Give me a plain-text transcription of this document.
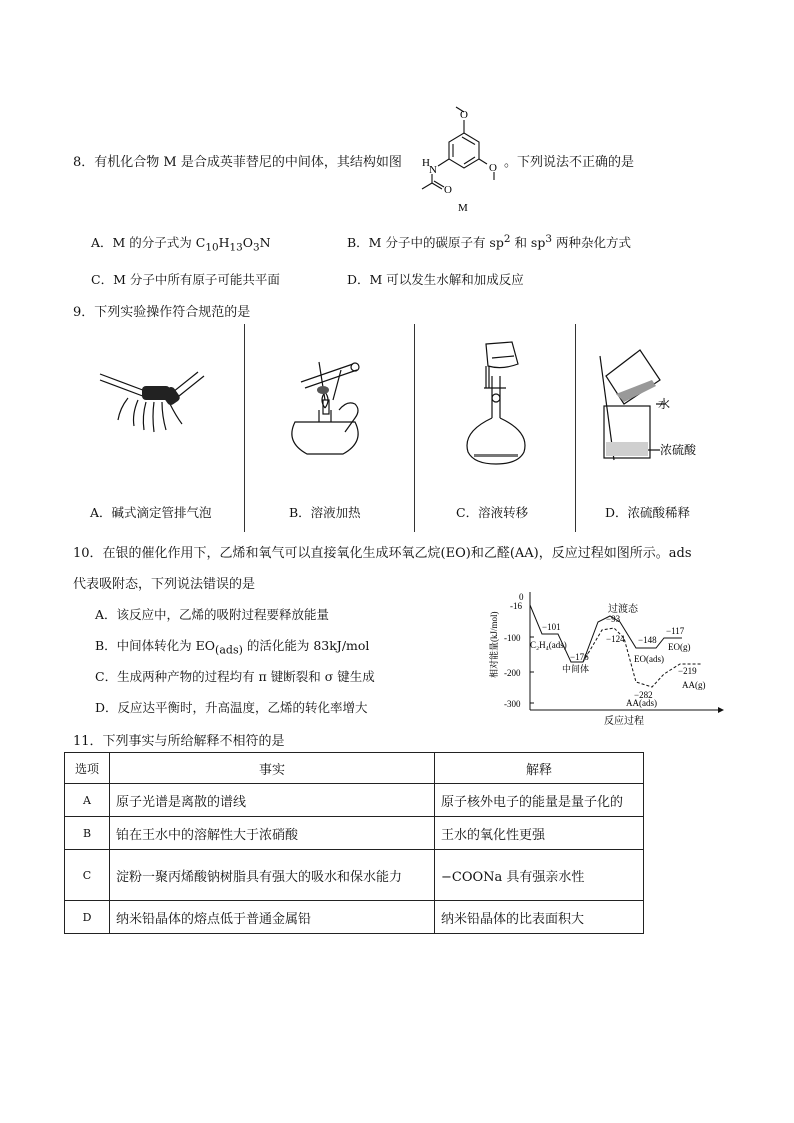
8．有机化合物 M 是合成英菲替尼的中间体，其结构如图
O
H
N	O
O
M
。下列说法不正确的是
A．M 的分子式为 $C_{10}H_{13}O_3N$	B．M 分子中的碳原子有 $sp^2$ 和 $sp^3$ 两种杂化方式
C．M 分子中所有原子可能共平面	D．M 可以发生水解和加成反应
9．下列实验操作符合规范的是
A．碱式滴定管排气泡	B．溶液加热	C．溶液转移
水
浓硫酸
D．浓硫酸稀释
10．在银的催化作用下，乙烯和氧气可以直接氧化生成环氧乙烷(EO)和乙醛(AA)，反应过程如图所示。ads
代表吸附态，下列说法错误的是
A．该反应中，乙烯的吸附过程要释放能量
B．中间体转化为 $EO_{(ads)}$ 的活化能为 83kJ/mol
C．生成两种产物的过程均有 π 键断裂和 σ 键生成
D．反应达平衡时，升高温度，乙烯的转化率增大
相对能量(kJ/mol)
反应过程
0
-16
-100
-200
-300
过渡态
−101
C₂H₄(ads)
−176
中间体
−93
−124 −148
EO(ads)
−117
EO(g)
−282
AA(ads)
−219
AA(g)
11．下列事实与所给解释不相符的是
选项	事实	解释
A	原子光谱是离散的谱线	原子核外电子的能量是量子化的
B	铂在王水中的溶解性大于浓硝酸	王水的氧化性更强
C	淀粉一聚丙烯酸钠树脂具有强大的吸水和保水能力	−COONa 具有强亲水性
D	纳米铅晶体的熔点低于普通金属铅	纳米铅晶体的比表面积大
